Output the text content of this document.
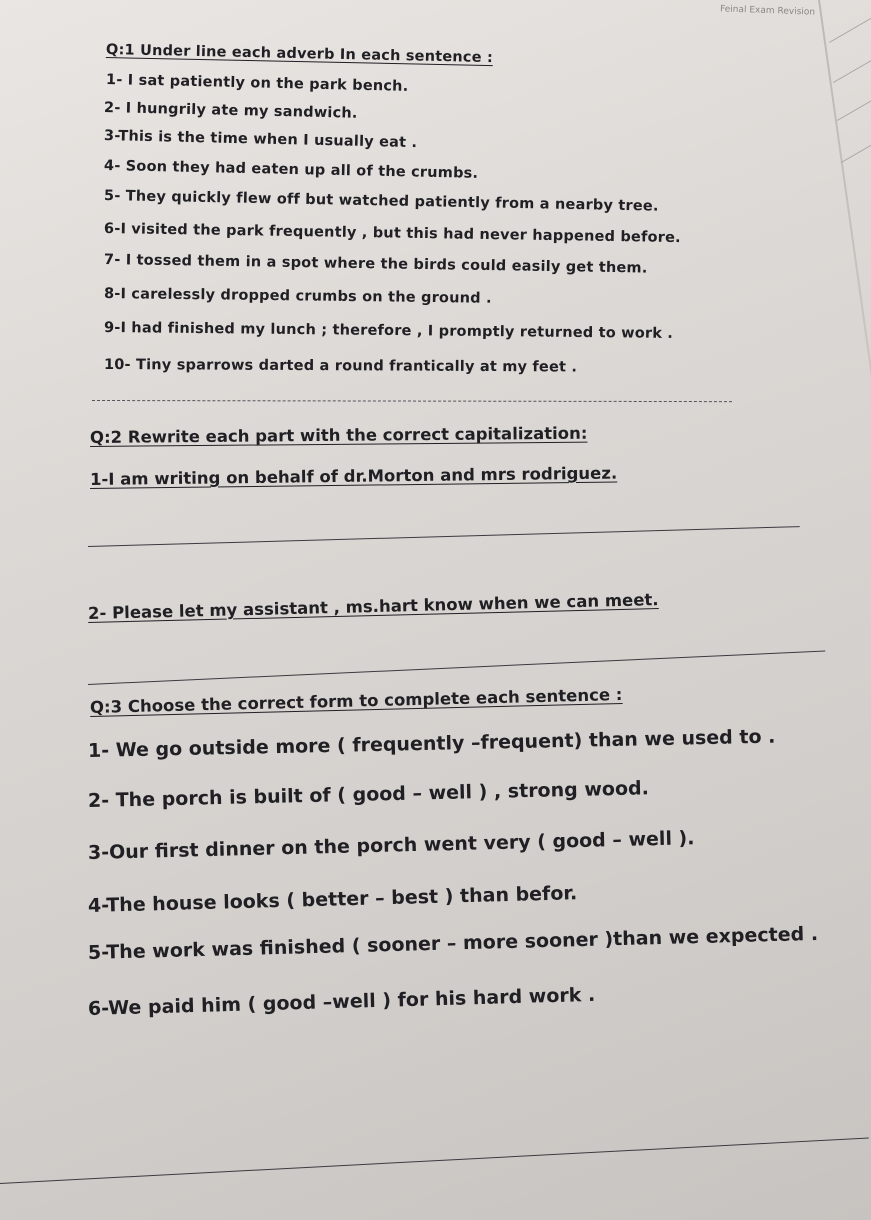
Feinal Exam Revision
Q:1 Under line each adverb In each sentence :
1- I sat patiently on the park bench.
2- I hungrily ate my sandwich.
3-This is the time when I usually eat .
4- Soon they had eaten up all of the crumbs.
5- They quickly flew off but watched patiently from a nearby tree.
6-I visited the park frequently , but this had never happened before.
7- I tossed them in a spot where the birds could easily get them.
8-I carelessly dropped crumbs on the ground .
9-I had finished my lunch ; therefore , I promptly returned to work .
10- Tiny sparrows darted a round frantically at my feet .
Q:2 Rewrite each part with the correct capitalization:
1-I am writing on behalf of dr.Morton and mrs rodriguez.
2- Please let my assistant , ms.hart know when we can meet.
Q:3 Choose the correct form to complete each sentence :
1- We go outside more ( frequently –frequent) than we used to .
2- The porch is built of ( good – well ) , strong wood.
3-Our first dinner on the porch went very ( good – well ).
4-The house looks ( better – best ) than befor.
5-The work was finished ( sooner – more sooner )than we expected .
6-We paid him ( good –well ) for his hard work .
